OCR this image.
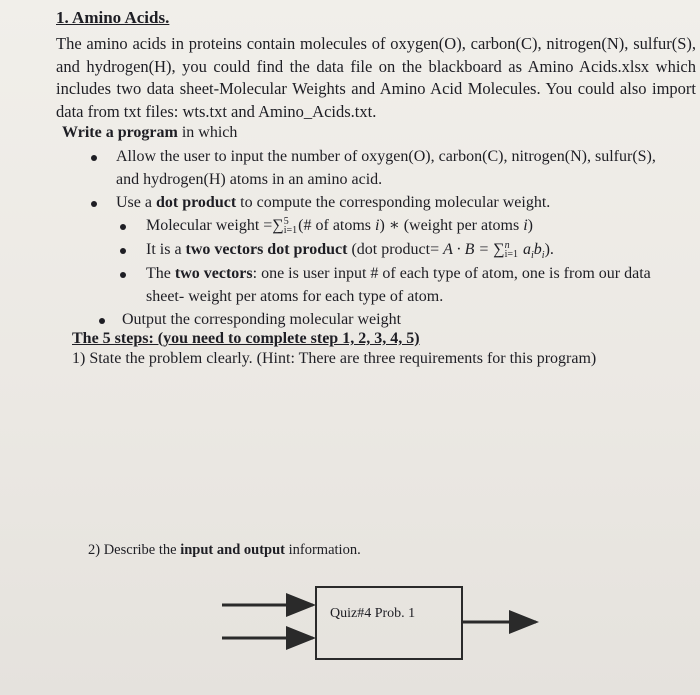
1. Amino Acids.
The amino acids in proteins contain molecules of oxygen(O), carbon(C), nitrogen(N), sulfur(S), and hydrogen(H), you could find the data file on the blackboard as Amino Acids.xlsx which includes two data sheet-Molecular Weights and Amino Acid Molecules. You could also import data from txt files: wts.txt and Amino_Acids.txt.
Write a program in which
Allow the user to input the number of oxygen(O), carbon(C), nitrogen(N), sulfur(S),
and hydrogen(H) atoms in an amino acid.
Use a dot product to compute the corresponding molecular weight.
Molecular weight =∑ 5
i=1 (# of atoms i) ∗ (weight per atoms i)
It is a two vectors dot product (dot product= A · B = ∑ n
i=1 $a_ib_i$).
The two vectors: one is user input # of each type of atom, one is from our data
sheet- weight per atoms for each type of atom.
Output the corresponding molecular weight
The 5 steps: (you need to complete step 1, 2, 3, 4, 5)
1) State the problem clearly. (Hint: There are three requirements for this program)
2) Describe the input and output information.
Quiz#4 Prob. 1
